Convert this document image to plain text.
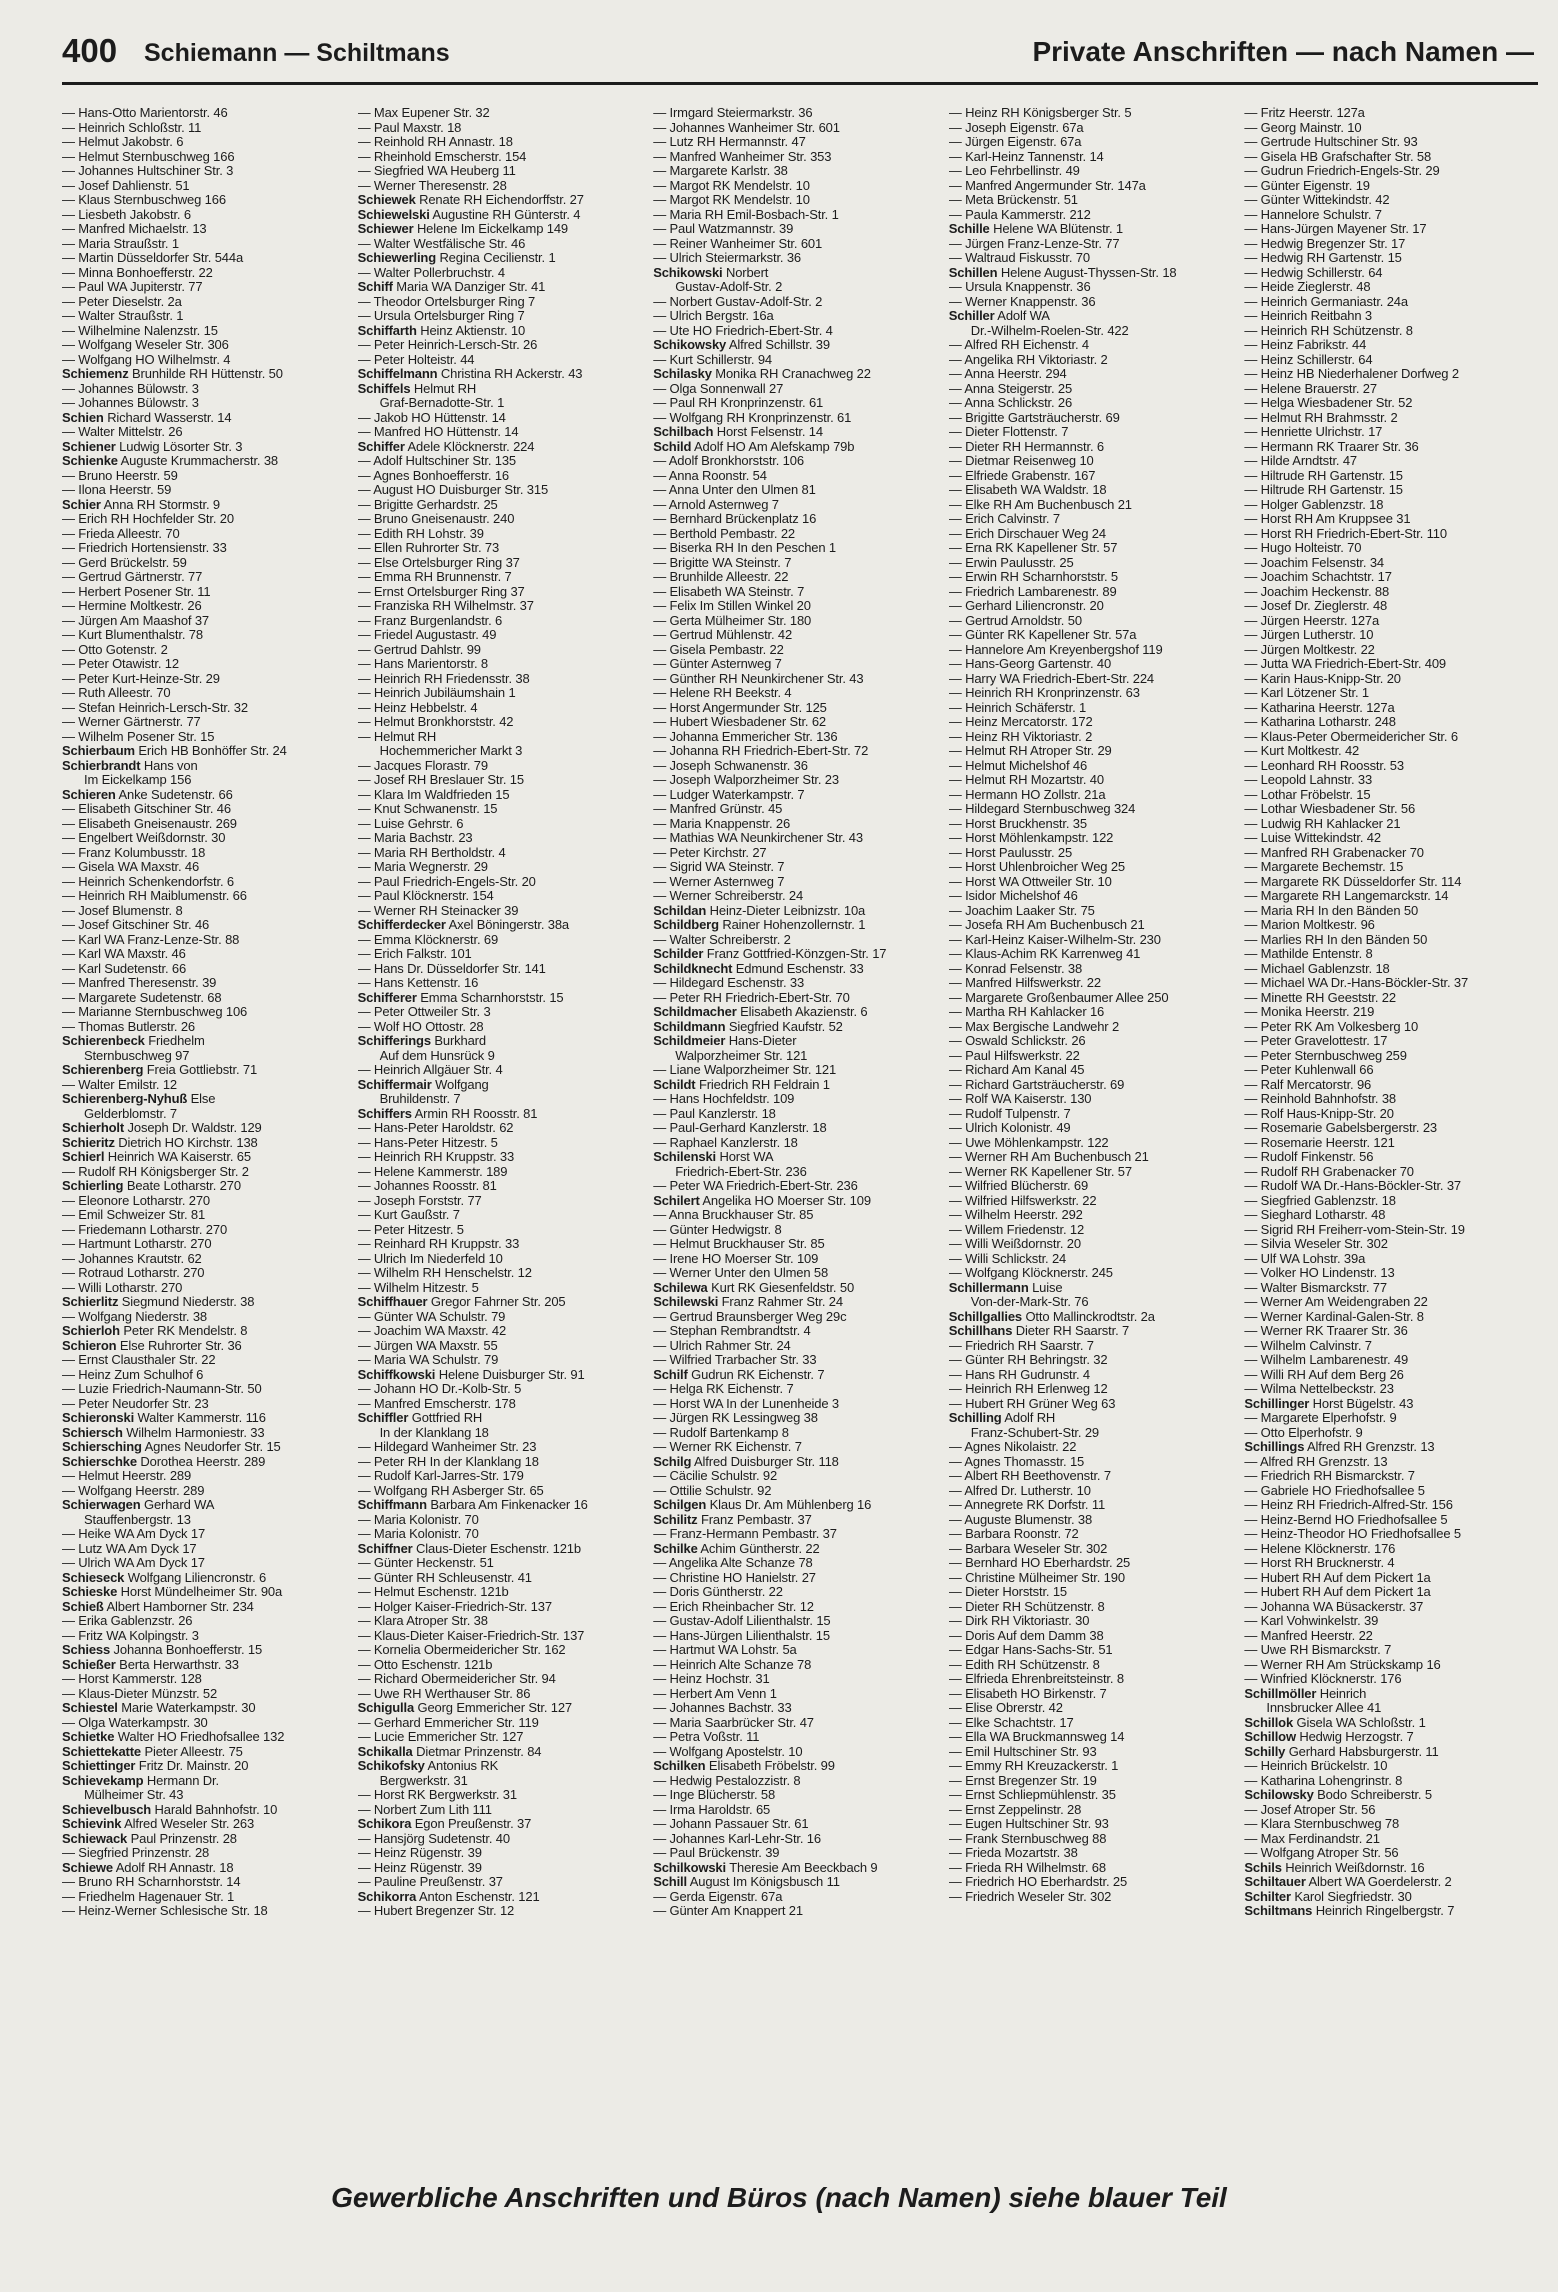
400 Schiemann — Schiltmans	Private Anschriften — nach Namen —
— Hans-Otto Marientorstr. 46
— Heinrich Schloßstr. 11
— Helmut Jakobstr. 6
— Helmut Sternbuschweg 166
— Johannes Hultschiner Str. 3
— Josef Dahlienstr. 51
— Klaus Sternbuschweg 166
— Liesbeth Jakobstr. 6
— Manfred Michaelstr. 13
— Maria Straußstr. 1
— Martin Düsseldorfer Str. 544a
— Minna Bonhoefferstr. 22
— Paul WA Jupiterstr. 77
— Peter Dieselstr. 2a
— Walter Straußstr. 1
— Wilhelmine Nalenzstr. 15
— Wolfgang Weseler Str. 306
— Wolfgang HO Wilhelmstr. 4
Schiemenz Brunhilde RH Hüttenstr. 50
— Johannes Bülowstr. 3
— Johannes Bülowstr. 3
Schien Richard Wasserstr. 14
— Walter Mittelstr. 26
Schiener Ludwig Lösorter Str. 3
Schienke Auguste Krummacherstr. 38
— Bruno Heerstr. 59
— Ilona Heerstr. 59
Schier Anna RH Stormstr. 9
— Erich RH Hochfelder Str. 20
— Frieda Alleestr. 70
— Friedrich Hortensienstr. 33
— Gerd Brückelstr. 59
— Gertrud Gärtnerstr. 77
— Herbert Posener Str. 11
— Hermine Moltkestr. 26
— Jürgen Am Maashof 37
— Kurt Blumenthalstr. 78
— Otto Gotenstr. 2
— Peter Otawistr. 12
— Peter Kurt-Heinze-Str. 29
— Ruth Alleestr. 70
— Stefan Heinrich-Lersch-Str. 32
— Werner Gärtnerstr. 77
— Wilhelm Posener Str. 15
Schierbaum Erich HB Bonhöffer Str. 24
Schierbrandt Hans von
Im Eickelkamp 156
Schieren Anke Sudetenstr. 66
— Elisabeth Gitschiner Str. 46
— Elisabeth Gneisenaustr. 269
— Engelbert Weißdornstr. 30
— Franz Kolumbusstr. 18
— Gisela WA Maxstr. 46
— Heinrich Schenkendorfstr. 6
— Heinrich RH Maiblumenstr. 66
— Josef Blumenstr. 8
— Josef Gitschiner Str. 46
— Karl WA Franz-Lenze-Str. 88
— Karl WA Maxstr. 46
— Karl Sudetenstr. 66
— Manfred Theresenstr. 39
— Margarete Sudetenstr. 68
— Marianne Sternbuschweg 106
— Thomas Butlerstr. 26
Schierenbeck Friedhelm
Sternbuschweg 97
Schierenberg Freia Gottliebstr. 71
— Walter Emilstr. 12
Schierenberg-Nyhuß Else
Gelderblomstr. 7
Schierholt Joseph Dr. Waldstr. 129
Schieritz Dietrich HO Kirchstr. 138
Schierl Heinrich WA Kaiserstr. 65
— Rudolf RH Königsberger Str. 2
Schierling Beate Lotharstr. 270
— Eleonore Lotharstr. 270
— Emil Schweizer Str. 81
— Friedemann Lotharstr. 270
— Hartmunt Lotharstr. 270
— Johannes Krautstr. 62
— Rotraud Lotharstr. 270
— Willi Lotharstr. 270
Schierlitz Siegmund Niederstr. 38
— Wolfgang Niederstr. 38
Schierloh Peter RK Mendelstr. 8
Schieron Else Ruhrorter Str. 36
— Ernst Clausthaler Str. 22
— Heinz Zum Schulhof 6
— Luzie Friedrich-Naumann-Str. 50
— Peter Neudorfer Str. 23
Schieronski Walter Kammerstr. 116
Schiersch Wilhelm Harmoniestr. 33
Schiersching Agnes Neudorfer Str. 15
Schierschke Dorothea Heerstr. 289
— Helmut Heerstr. 289
— Wolfgang Heerstr. 289
Schierwagen Gerhard WA
Stauffenbergstr. 13
— Heike WA Am Dyck 17
— Lutz WA Am Dyck 17
— Ulrich WA Am Dyck 17
Schieseck Wolfgang Liliencronstr. 6
Schieske Horst Mündelheimer Str. 90a
Schieß Albert Hamborner Str. 234
— Erika Gablenzstr. 26
— Fritz WA Kolpingstr. 3
Schiess Johanna Bonhoefferstr. 15
Schießer Berta Herwarthstr. 33
— Horst Kammerstr. 128
— Klaus-Dieter Münzstr. 52
Schiestel Marie Waterkampstr. 30
— Olga Waterkampstr. 30
Schietke Walter HO Friedhofsallee 132
Schiettekatte Pieter Alleestr. 75
Schiettinger Fritz Dr. Mainstr. 20
Schievekamp Hermann Dr.
Mülheimer Str. 43
Schievelbusch Harald Bahnhofstr. 10
Schievink Alfred Weseler Str. 263
Schiewack Paul Prinzenstr. 28
— Siegfried Prinzenstr. 28
Schiewe Adolf RH Annastr. 18
— Bruno RH Scharnhorststr. 14
— Friedhelm Hagenauer Str. 1
— Heinz-Werner Schlesische Str. 18
— Max Eupener Str. 32
— Paul Maxstr. 18
— Reinhold RH Annastr. 18
— Rheinhold Emscherstr. 154
— Siegfried WA Heuberg 11
— Werner Theresenstr. 28
Schiewek Renate RH Eichendorffstr. 27
Schiewelski Augustine RH Günterstr. 4
Schiewer Helene Im Eickelkamp 149
— Walter Westfälische Str. 46
Schiewerling Regina Cecilienstr. 1
— Walter Pollerbruchstr. 4
Schiff Maria WA Danziger Str. 41
— Theodor Ortelsburger Ring 7
— Ursula Ortelsburger Ring 7
Schiffarth Heinz Aktienstr. 10
— Peter Heinrich-Lersch-Str. 26
— Peter Holteistr. 44
Schiffelmann Christina RH Ackerstr. 43
Schiffels Helmut RH
Graf-Bernadotte-Str. 1
— Jakob HO Hüttenstr. 14
— Manfred HO Hüttenstr. 14
Schiffer Adele Klöcknerstr. 224
— Adolf Hultschiner Str. 135
— Agnes Bonhoefferstr. 16
— August HO Duisburger Str. 315
— Brigitte Gerhardstr. 25
— Bruno Gneisenaustr. 240
— Edith RH Lohstr. 39
— Ellen Ruhrorter Str. 73
— Else Ortelsburger Ring 37
— Emma RH Brunnenstr. 7
— Ernst Ortelsburger Ring 37
— Franziska RH Wilhelmstr. 37
— Franz Burgenlandstr. 6
— Friedel Augustastr. 49
— Gertrud Dahlstr. 99
— Hans Marientorstr. 8
— Heinrich RH Friedensstr. 38
— Heinrich Jubiläumshain 1
— Heinz Hebbelstr. 4
— Helmut Bronkhorststr. 42
— Helmut RH
Hochemmericher Markt 3
— Jacques Florastr. 79
— Josef RH Breslauer Str. 15
— Klara Im Waldfrieden 15
— Knut Schwanenstr. 15
— Luise Gehrstr. 6
— Maria Bachstr. 23
— Maria RH Bertholdstr. 4
— Maria Wegnerstr. 29
— Paul Friedrich-Engels-Str. 20
— Paul Klöcknerstr. 154
— Werner RH Steinacker 39
Schifferdecker Axel Böningerstr. 38a
— Emma Klöcknerstr. 69
— Erich Falkstr. 101
— Hans Dr. Düsseldorfer Str. 141
— Hans Kettenstr. 16
Schifferer Emma Scharnhorststr. 15
— Peter Ottweiler Str. 3
— Wolf HO Ottostr. 28
Schifferings Burkhard
Auf dem Hunsrück 9
— Heinrich Allgäuer Str. 4
Schiffermair Wolfgang
Bruhildenstr. 7
Schiffers Armin RH Roosstr. 81
— Hans-Peter Haroldstr. 62
— Hans-Peter Hitzestr. 5
— Heinrich RH Kruppstr. 33
— Helene Kammerstr. 189
— Johannes Roosstr. 81
— Joseph Forststr. 77
— Kurt Gaußstr. 7
— Peter Hitzestr. 5
— Reinhard RH Kruppstr. 33
— Ulrich Im Niederfeld 10
— Wilhelm RH Henschelstr. 12
— Wilhelm Hitzestr. 5
Schiffhauer Gregor Fahrner Str. 205
— Günter WA Schulstr. 79
— Joachim WA Maxstr. 42
— Jürgen WA Maxstr. 55
— Maria WA Schulstr. 79
Schiffkowski Helene Duisburger Str. 91
— Johann HO Dr.-Kolb-Str. 5
— Manfred Emscherstr. 178
Schiffler Gottfried RH
In der Klanklang 18
— Hildegard Wanheimer Str. 23
— Peter RH In der Klanklang 18
— Rudolf Karl-Jarres-Str. 179
— Wolfgang RH Asberger Str. 65
Schiffmann Barbara Am Finkenacker 16
— Maria Kolonistr. 70
— Maria Kolonistr. 70
Schiffner Claus-Dieter Eschenstr. 121b
— Günter Heckenstr. 51
— Günter RH Schleusenstr. 41
— Helmut Eschenstr. 121b
— Holger Kaiser-Friedrich-Str. 137
— Klara Atroper Str. 38
— Klaus-Dieter Kaiser-Friedrich-Str. 137
— Kornelia Obermeidericher Str. 162
— Otto Eschenstr. 121b
— Richard Obermeidericher Str. 94
— Uwe RH Werthauser Str. 86
Schigulla Georg Emmericher Str. 127
— Gerhard Emmericher Str. 119
— Lucie Emmericher Str. 127
Schikalla Dietmar Prinzenstr. 84
Schikofsky Antonius RK
Bergwerkstr. 31
— Horst RK Bergwerkstr. 31
— Norbert Zum Lith 111
Schikora Egon Preußenstr. 37
— Hansjörg Sudetenstr. 40
— Heinz Rügenstr. 39
— Heinz Rügenstr. 39
— Pauline Preußenstr. 37
Schikorra Anton Eschenstr. 121
— Hubert Bregenzer Str. 12
— Irmgard Steiermarkstr. 36
— Johannes Wanheimer Str. 601
— Lutz RH Hermannstr. 47
— Manfred Wanheimer Str. 353
— Margarete Karlstr. 38
— Margot RK Mendelstr. 10
— Margot RK Mendelstr. 10
— Maria RH Emil-Bosbach-Str. 1
— Paul Watzmannstr. 39
— Reiner Wanheimer Str. 601
— Ulrich Steiermarkstr. 36
Schikowski Norbert
Gustav-Adolf-Str. 2
— Norbert Gustav-Adolf-Str. 2
— Ulrich Bergstr. 16a
— Ute HO Friedrich-Ebert-Str. 4
Schikowsky Alfred Schillstr. 39
— Kurt Schillerstr. 94
Schilasky Monika RH Cranachweg 22
— Olga Sonnenwall 27
— Paul RH Kronprinzenstr. 61
— Wolfgang RH Kronprinzenstr. 61
Schilbach Horst Felsenstr. 14
Schild Adolf HO Am Alefskamp 79b
— Adolf Bronkhorststr. 106
— Anna Roonstr. 54
— Anna Unter den Ulmen 81
— Arnold Asternweg 7
— Bernhard Brückenplatz 16
— Berthold Pembastr. 22
— Biserka RH In den Peschen 1
— Brigitte WA Steinstr. 7
— Brunhilde Alleestr. 22
— Elisabeth WA Steinstr. 7
— Felix Im Stillen Winkel 20
— Gerta Mülheimer Str. 180
— Gertrud Mühlenstr. 42
— Gisela Pembastr. 22
— Günter Asternweg 7
— Günther RH Neunkirchener Str. 43
— Helene RH Beekstr. 4
— Horst Angermunder Str. 125
— Hubert Wiesbadener Str. 62
— Johanna Emmericher Str. 136
— Johanna RH Friedrich-Ebert-Str. 72
— Joseph Schwanenstr. 36
— Joseph Walporzheimer Str. 23
— Ludger Waterkampstr. 7
— Manfred Grünstr. 45
— Maria Knappenstr. 26
— Mathias WA Neunkirchener Str. 43
— Peter Kirchstr. 27
— Sigrid WA Steinstr. 7
— Werner Asternweg 7
— Werner Schreiberstr. 24
Schildan Heinz-Dieter Leibnizstr. 10a
Schildberg Rainer Hohenzollernstr. 1
— Walter Schreiberstr. 2
Schilder Franz Gottfried-Könzgen-Str. 17
Schildknecht Edmund Eschenstr. 33
— Hildegard Eschenstr. 33
— Peter RH Friedrich-Ebert-Str. 70
Schildmacher Elisabeth Akazienstr. 6
Schildmann Siegfried Kaufstr. 52
Schildmeier Hans-Dieter
Walporzheimer Str. 121
— Liane Walporzheimer Str. 121
Schildt Friedrich RH Feldrain 1
— Hans Hochfeldstr. 109
— Paul Kanzlerstr. 18
— Paul-Gerhard Kanzlerstr. 18
— Raphael Kanzlerstr. 18
Schilenski Horst WA
Friedrich-Ebert-Str. 236
— Peter WA Friedrich-Ebert-Str. 236
Schilert Angelika HO Moerser Str. 109
— Anna Bruckhauser Str. 85
— Günter Hedwigstr. 8
— Helmut Bruckhauser Str. 85
— Irene HO Moerser Str. 109
— Werner Unter den Ulmen 58
Schilewa Kurt RK Giesenfeldstr. 50
Schilewski Franz Rahmer Str. 24
— Gertrud Braunsberger Weg 29c
— Stephan Rembrandtstr. 4
— Ulrich Rahmer Str. 24
— Wilfried Trarbacher Str. 33
Schilf Gudrun RK Eichenstr. 7
— Helga RK Eichenstr. 7
— Horst WA In der Lunenheide 3
— Jürgen RK Lessingweg 38
— Rudolf Bartenkamp 8
— Werner RK Eichenstr. 7
Schilg Alfred Duisburger Str. 118
— Cäcilie Schulstr. 92
— Ottilie Schulstr. 92
Schilgen Klaus Dr. Am Mühlenberg 16
Schilitz Franz Pembastr. 37
— Franz-Hermann Pembastr. 37
Schilke Achim Güntherstr. 22
— Angelika Alte Schanze 78
— Christine HO Hanielstr. 27
— Doris Güntherstr. 22
— Erich Rheinbacher Str. 12
— Gustav-Adolf Lilienthalstr. 15
— Hans-Jürgen Lilienthalstr. 15
— Hartmut WA Lohstr. 5a
— Heinrich Alte Schanze 78
— Heinz Hochstr. 31
— Herbert Am Venn 1
— Johannes Bachstr. 33
— Maria Saarbrücker Str. 47
— Petra Voßstr. 11
— Wolfgang Apostelstr. 10
Schilken Elisabeth Fröbelstr. 99
— Hedwig Pestalozzistr. 8
— Inge Blücherstr. 58
— Irma Haroldstr. 65
— Johann Passauer Str. 61
— Johannes Karl-Lehr-Str. 16
— Paul Brückenstr. 39
Schilkowski Theresie Am Beeckbach 9
Schill August Im Königsbusch 11
— Gerda Eigenstr. 67a
— Günter Am Knappert 21
— Heinz RH Königsberger Str. 5
— Joseph Eigenstr. 67a
— Jürgen Eigenstr. 67a
— Karl-Heinz Tannenstr. 14
— Leo Fehrbellinstr. 49
— Manfred Angermunder Str. 147a
— Meta Brückenstr. 51
— Paula Kammerstr. 212
Schille Helene WA Blütenstr. 1
— Jürgen Franz-Lenze-Str. 77
— Waltraud Fiskusstr. 70
Schillen Helene August-Thyssen-Str. 18
— Ursula Knappenstr. 36
— Werner Knappenstr. 36
Schiller Adolf WA
Dr.-Wilhelm-Roelen-Str. 422
— Alfred RH Eichenstr. 4
— Angelika RH Viktoriastr. 2
— Anna Heerstr. 294
— Anna Steigerstr. 25
— Anna Schlickstr. 26
— Brigitte Gartsträucherstr. 69
— Dieter Flottenstr. 7
— Dieter RH Hermannstr. 6
— Dietmar Reisenweg 10
— Elfriede Grabenstr. 167
— Elisabeth WA Waldstr. 18
— Elke RH Am Buchenbusch 21
— Erich Calvinstr. 7
— Erich Dirschauer Weg 24
— Erna RK Kapellener Str. 57
— Erwin Paulusstr. 25
— Erwin RH Scharnhorststr. 5
— Friedrich Lambarenestr. 89
— Gerhard Liliencronstr. 20
— Gertrud Arnoldstr. 50
— Günter RK Kapellener Str. 57a
— Hannelore Am Kreyenbergshof 119
— Hans-Georg Gartenstr. 40
— Harry WA Friedrich-Ebert-Str. 224
— Heinrich RH Kronprinzenstr. 63
— Heinrich Schäferstr. 1
— Heinz Mercatorstr. 172
— Heinz RH Viktoriastr. 2
— Helmut RH Atroper Str. 29
— Helmut Michelshof 46
— Helmut RH Mozartstr. 40
— Hermann HO Zollstr. 21a
— Hildegard Sternbuschweg 324
— Horst Bruckhenstr. 35
— Horst Möhlenkampstr. 122
— Horst Paulusstr. 25
— Horst Uhlenbroicher Weg 25
— Horst WA Ottweiler Str. 10
— Isidor Michelshof 46
— Joachim Laaker Str. 75
— Josefa RH Am Buchenbusch 21
— Karl-Heinz Kaiser-Wilhelm-Str. 230
— Klaus-Achim RK Karrenweg 41
— Konrad Felsenstr. 38
— Manfred Hilfswerkstr. 22
— Margarete Großenbaumer Allee 250
— Martha RH Kahlacker 16
— Max Bergische Landwehr 2
— Oswald Schlickstr. 26
— Paul Hilfswerkstr. 22
— Richard Am Kanal 45
— Richard Gartsträucherstr. 69
— Rolf WA Kaiserstr. 130
— Rudolf Tulpenstr. 7
— Ulrich Kolonistr. 49
— Uwe Möhlenkampstr. 122
— Werner RH Am Buchenbusch 21
— Werner RK Kapellener Str. 57
— Wilfried Blücherstr. 69
— Wilfried Hilfswerkstr. 22
— Wilhelm Heerstr. 292
— Willem Friedenstr. 12
— Willi Weißdornstr. 20
— Willi Schlickstr. 24
— Wolfgang Klöcknerstr. 245
Schillermann Luise
Von-der-Mark-Str. 76
Schillgallies Otto Mallinckrodtstr. 2a
Schillhans Dieter RH Saarstr. 7
— Friedrich RH Saarstr. 7
— Günter RH Behringstr. 32
— Hans RH Gudrunstr. 4
— Heinrich RH Erlenweg 12
— Hubert RH Grüner Weg 63
Schilling Adolf RH
Franz-Schubert-Str. 29
— Agnes Nikolaistr. 22
— Agnes Thomasstr. 15
— Albert RH Beethovenstr. 7
— Alfred Dr. Lutherstr. 10
— Annegrete RK Dorfstr. 11
— Auguste Blumenstr. 38
— Barbara Roonstr. 72
— Barbara Weseler Str. 302
— Bernhard HO Eberhardstr. 25
— Christine Mülheimer Str. 190
— Dieter Horststr. 15
— Dieter RH Schützenstr. 8
— Dirk RH Viktoriastr. 30
— Doris Auf dem Damm 38
— Edgar Hans-Sachs-Str. 51
— Edith RH Schützenstr. 8
— Elfrieda Ehrenbreitsteinstr. 8
— Elisabeth HO Birkenstr. 7
— Elise Obrerstr. 42
— Elke Schachtstr. 17
— Ella WA Bruckmannsweg 14
— Emil Hultschiner Str. 93
— Emmy RH Kreuzackerstr. 1
— Ernst Bregenzer Str. 19
— Ernst Schliepmühlenstr. 35
— Ernst Zeppelinstr. 28
— Eugen Hultschiner Str. 93
— Frank Sternbuschweg 88
— Frieda Mozartstr. 38
— Frieda RH Wilhelmstr. 68
— Friedrich HO Eberhardstr. 25
— Friedrich Weseler Str. 302
— Fritz Heerstr. 127a
— Georg Mainstr. 10
— Gertrude Hultschiner Str. 93
— Gisela HB Grafschafter Str. 58
— Gudrun Friedrich-Engels-Str. 29
— Günter Eigenstr. 19
— Günter Wittekindstr. 42
— Hannelore Schulstr. 7
— Hans-Jürgen Mayener Str. 17
— Hedwig Bregenzer Str. 17
— Hedwig RH Gartenstr. 15
— Hedwig Schillerstr. 64
— Heide Zieglerstr. 48
— Heinrich Germaniastr. 24a
— Heinrich Reitbahn 3
— Heinrich RH Schützenstr. 8
— Heinz Fabrikstr. 44
— Heinz Schillerstr. 64
— Heinz HB Niederhalener Dorfweg 2
— Helene Brauerstr. 27
— Helga Wiesbadener Str. 52
— Helmut RH Brahmsstr. 2
— Henriette Ulrichstr. 17
— Hermann RK Traarer Str. 36
— Hilde Arndtstr. 47
— Hiltrude RH Gartenstr. 15
— Hiltrude RH Gartenstr. 15
— Holger Gablenzstr. 18
— Horst RH Am Kruppsee 31
— Horst RH Friedrich-Ebert-Str. 110
— Hugo Holteistr. 70
— Joachim Felsenstr. 34
— Joachim Schachtstr. 17
— Joachim Heckenstr. 88
— Josef Dr. Zieglerstr. 48
— Jürgen Heerstr. 127a
— Jürgen Lutherstr. 10
— Jürgen Moltkestr. 22
— Jutta WA Friedrich-Ebert-Str. 409
— Karin Haus-Knipp-Str. 20
— Karl Lötzener Str. 1
— Katharina Heerstr. 127a
— Katharina Lotharstr. 248
— Klaus-Peter Obermeidericher Str. 6
— Kurt Moltkestr. 42
— Leonhard RH Roosstr. 53
— Leopold Lahnstr. 33
— Lothar Fröbelstr. 15
— Lothar Wiesbadener Str. 56
— Ludwig RH Kahlacker 21
— Luise Wittekindstr. 42
— Manfred RH Grabenacker 70
— Margarete Bechemstr. 15
— Margarete RK Düsseldorfer Str. 114
— Margarete RH Langemarckstr. 14
— Maria RH In den Bänden 50
— Marion Moltkestr. 96
— Marlies RH In den Bänden 50
— Mathilde Entenstr. 8
— Michael Gablenzstr. 18
— Michael WA Dr.-Hans-Böckler-Str. 37
— Minette RH Geeststr. 22
— Monika Heerstr. 219
— Peter RK Am Volkesberg 10
— Peter Gravelottestr. 17
— Peter Sternbuschweg 259
— Peter Kuhlenwall 66
— Ralf Mercatorstr. 96
— Reinhold Bahnhofstr. 38
— Rolf Haus-Knipp-Str. 20
— Rosemarie Gabelsbergerstr. 23
— Rosemarie Heerstr. 121
— Rudolf Finkenstr. 56
— Rudolf RH Grabenacker 70
— Rudolf WA Dr.-Hans-Böckler-Str. 37
— Siegfried Gablenzstr. 18
— Sieghard Lotharstr. 48
— Sigrid RH Freiherr-vom-Stein-Str. 19
— Silvia Weseler Str. 302
— Ulf WA Lohstr. 39a
— Volker HO Lindenstr. 13
— Walter Bismarckstr. 77
— Werner Am Weidengraben 22
— Werner Kardinal-Galen-Str. 8
— Werner RK Traarer Str. 36
— Wilhelm Calvinstr. 7
— Wilhelm Lambarenestr. 49
— Willi RH Auf dem Berg 26
— Wilma Nettelbeckstr. 23
Schillinger Horst Bügelstr. 43
— Margarete Elperhofstr. 9
— Otto Elperhofstr. 9
Schillings Alfred RH Grenzstr. 13
— Alfred RH Grenzstr. 13
— Friedrich RH Bismarckstr. 7
— Gabriele HO Friedhofsallee 5
— Heinz RH Friedrich-Alfred-Str. 156
— Heinz-Bernd HO Friedhofsallee 5
— Heinz-Theodor HO Friedhofsallee 5
— Helene Klöcknerstr. 176
— Horst RH Brucknerstr. 4
— Hubert RH Auf dem Pickert 1a
— Hubert RH Auf dem Pickert 1a
— Johanna WA Büsackerstr. 37
— Karl Vohwinkelstr. 39
— Manfred Heerstr. 22
— Uwe RH Bismarckstr. 7
— Werner RH Am Strückskamp 16
— Winfried Klöcknerstr. 176
Schillmöller Heinrich
Innsbrucker Allee 41
Schillok Gisela WA Schloßstr. 1
Schillow Hedwig Herzogstr. 7
Schilly Gerhard Habsburgerstr. 11
— Heinrich Brückelstr. 10
— Katharina Lohengrinstr. 8
Schilowsky Bodo Schreiberstr. 5
— Josef Atroper Str. 56
— Klara Sternbuschweg 78
— Max Ferdinandstr. 21
— Wolfgang Atroper Str. 56
Schils Heinrich Weißdornstr. 16
Schiltauer Albert WA Goerdelerstr. 2
Schilter Karol Siegfriedstr. 30
Schiltmans Heinrich Ringelbergstr. 7
Gewerbliche Anschriften und Büros (nach Namen) siehe blauer Teil
